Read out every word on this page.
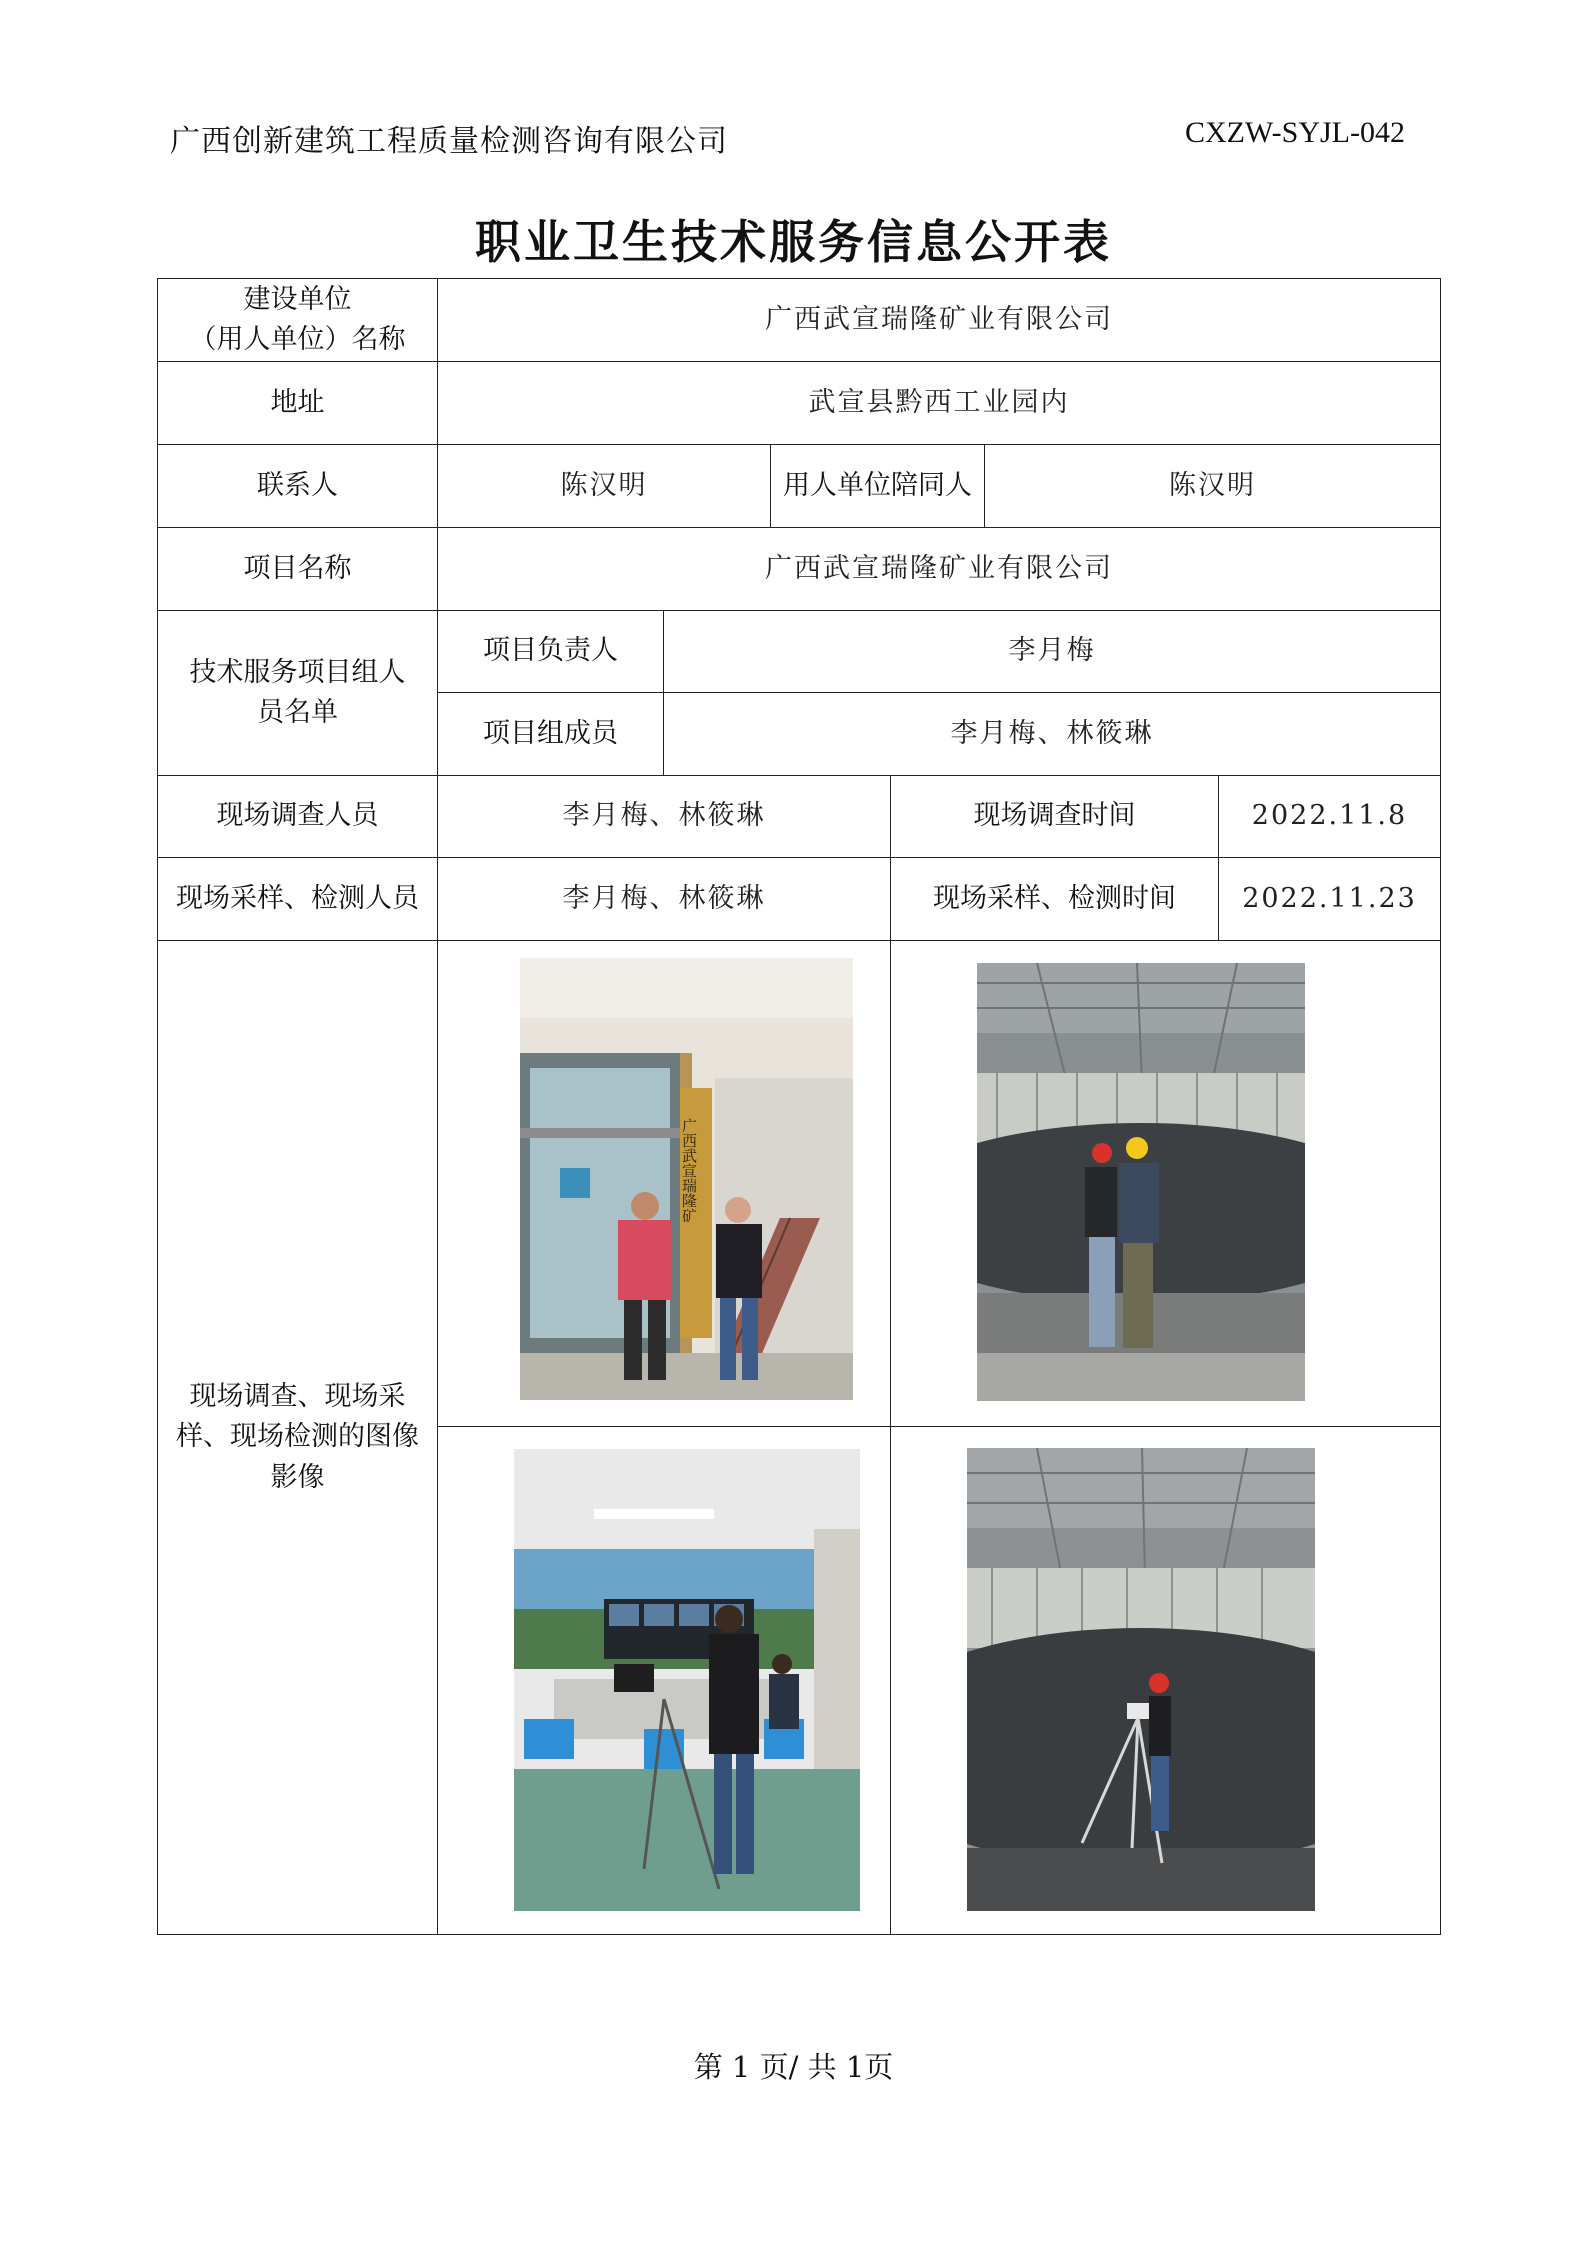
广西创新建筑工程质量检测咨询有限公司	CXZW-SYJL-042
职业卫生技术服务信息公开表
建设单位
（用人单位）名称	广西武宣瑞隆矿业有限公司					
地址	武宣县黔西工业园内					
联系人	陈汉明		用人单位陪同人		陈汉明	
项目名称	广西武宣瑞隆矿业有限公司					

技术服务项目组人
员名单	项目负责人	李月梅				
	项目组成员	李月梅、林筱琳				
现场调查人员	李月梅、林筱琳			现场调查时间		2022.11.8
现场采样、检测人员	李月梅、林筱琳			现场采样、检测时间		2022.11.23

现场调查、现场采
样、现场检测的图像
影像	广西武宣瑞隆矿

第 1 页/ 共 1页
